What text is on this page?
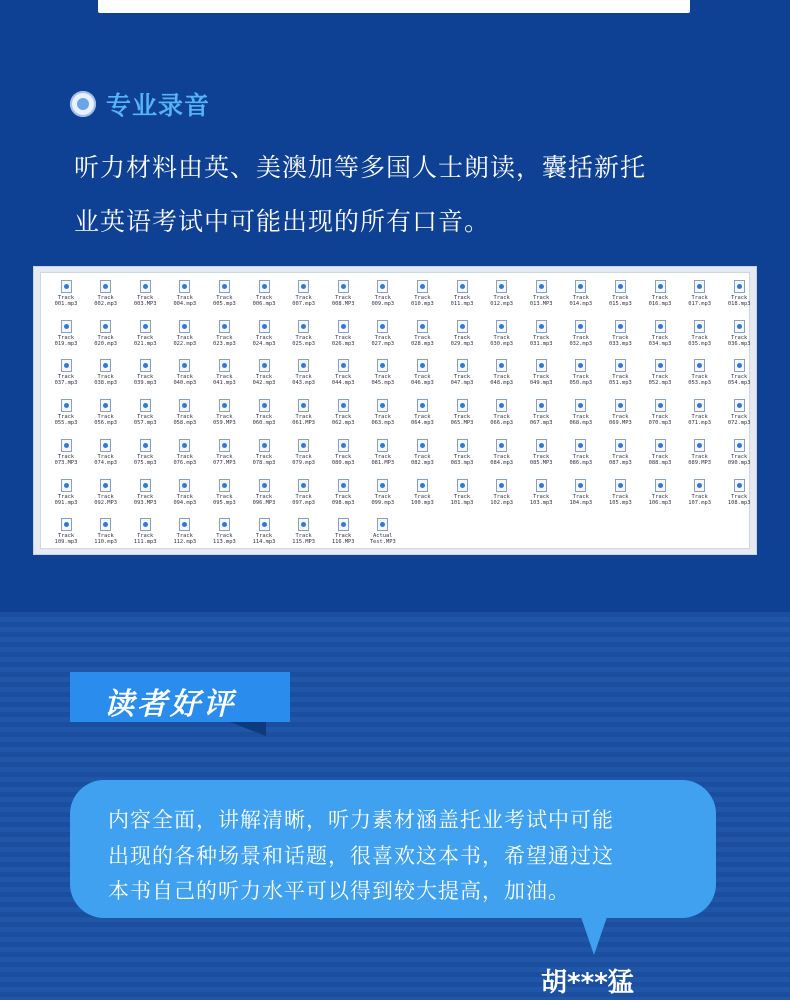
专业录音
听力材料由英、美澳加等多国人士朗读，囊括新托
业英语考试中可能出现的所有口音。
Track
001.mp3
Track
002.mp3
Track
003.MP3
Track
004.mp3
Track
005.mp3
Track
006.mp3
Track
007.mp3
Track
008.MP3
Track
009.mp3
Track
010.mp3
Track
011.mp3
Track
012.mp3
Track
013.MP3
Track
014.mp3
Track
015.mp3
Track
016.mp3
Track
017.mp3
Track
018.mp3
Track
019.mp3
Track
020.mp3
Track
021.mp3
Track
022.mp3
Track
023.mp3
Track
024.mp3
Track
025.mp3
Track
026.mp3
Track
027.mp3
Track
028.mp3
Track
029.mp3
Track
030.mp3
Track
031.mp3
Track
032.mp3
Track
033.mp3
Track
034.mp3
Track
035.mp3
Track
036.mp3
Track
037.mp3
Track
038.mp3
Track
039.mp3
Track
040.mp3
Track
041.mp3
Track
042.mp3
Track
043.mp3
Track
044.mp3
Track
045.mp3
Track
046.mp3
Track
047.mp3
Track
048.mp3
Track
049.mp3
Track
050.mp3
Track
051.mp3
Track
052.mp3
Track
053.mp3
Track
054.mp3
Track
055.mp3
Track
056.mp3
Track
057.mp3
Track
058.mp3
Track
059.MP3
Track
060.mp3
Track
061.MP3
Track
062.mp3
Track
063.mp3
Track
064.mp3
Track
065.MP3
Track
066.mp3
Track
067.mp3
Track
068.mp3
Track
069.MP3
Track
070.mp3
Track
071.mp3
Track
072.mp3
Track
073.MP3
Track
074.mp3
Track
075.mp3
Track
076.mp3
Track
077.MP3
Track
078.mp3
Track
079.mp3
Track
080.mp3
Track
081.MP3
Track
082.mp3
Track
083.mp3
Track
084.mp3
Track
085.MP3
Track
086.mp3
Track
087.mp3
Track
088.mp3
Track
089.MP3
Track
090.mp3
Track
091.mp3
Track
092.MP3
Track
093.MP3
Track
094.mp3
Track
095.mp3
Track
096.MP3
Track
097.mp3
Track
098.mp3
Track
099.mp3
Track
100.mp3
Track
101.mp3
Track
102.mp3
Track
103.mp3
Track
104.mp3
Track
105.mp3
Track
106.mp3
Track
107.mp3
Track
108.mp3
Track
109.mp3
Track
110.mp3
Track
111.mp3
Track
112.mp3
Track
113.mp3
Track
114.mp3
Track
115.MP3
Track
116.MP3
Actual
Test.MP3
读者好评
内容全面，讲解清晰，听力素材涵盖托业考试中可能
出现的各种场景和话题，很喜欢这本书，希望通过这
本书自己的听力水平可以得到较大提高，加油。
胡***猛
